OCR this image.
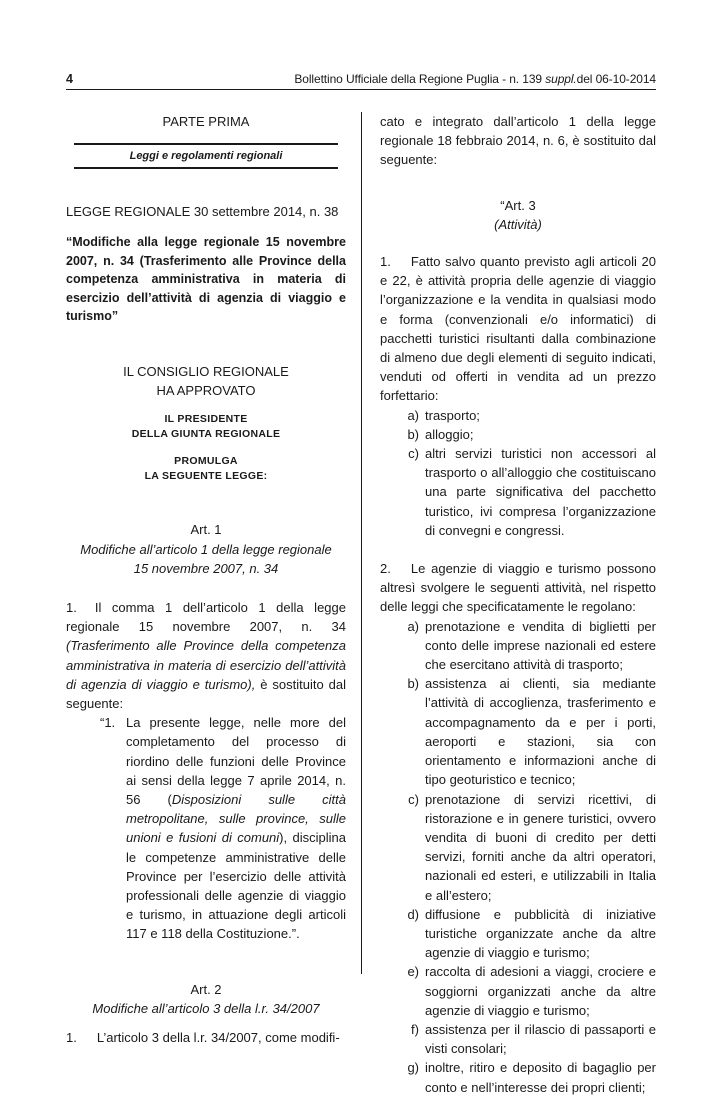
4	Bollettino Ufficiale della Regione Puglia - n. 139 suppl.del 06-10-2014
PARTE PRIMA
Leggi e regolamenti regionali
LEGGE REGIONALE 30 settembre 2014, n. 38
“Modifiche alla legge regionale 15 novembre 2007, n. 34 (Trasferimento alle Province della competenza amministrativa in materia di esercizio dell’attività di agenzia di viaggio e turismo”
IL CONSIGLIO REGIONALE
HA APPROVATO
IL PRESIDENTE
DELLA GIUNTA REGIONALE
PROMULGA
LA SEGUENTE LEGGE:
Art. 1
Modifiche all’articolo 1 della legge regionale
15 novembre 2007, n. 34
1. Il comma 1 dell’articolo 1 della legge regionale 15 novembre 2007, n. 34 (Trasferimento alle Province della competenza amministrativa in materia di esercizio dell’attività di agenzia di viaggio e turismo), è sostituito dal seguente:
“1. La presente legge, nelle more del completamento del processo di riordino delle funzioni delle Province ai sensi della legge 7 aprile 2014, n. 56 (Disposizioni sulle città metropolitane, sulle province, sulle unioni e fusioni di comuni), disciplina le competenze amministrative delle Province per l’esercizio delle attività professionali delle agenzie di viaggio e turismo, in attuazione degli articoli 117 e 118 della Costituzione.”.
Art. 2
Modifiche all’articolo 3 della l.r. 34/2007
1. L’articolo 3 della l.r. 34/2007, come modifi-
cato e integrato dall’articolo 1 della legge regionale 18 febbraio 2014, n. 6, è sostituito dal seguente:
“Art. 3
(Attività)
1. Fatto salvo quanto previsto agli articoli 20 e 22, è attività propria delle agenzie di viaggio l’organizzazione e la vendita in qualsiasi modo e forma (convenzionali e/o informatici) di pacchetti turistici risultanti dalla combinazione di almeno due degli elementi di seguito indicati, venduti od offerti in vendita ad un prezzo forfettario:
a) trasporto;
b) alloggio;
c) altri servizi turistici non accessori al trasporto o all’alloggio che costituiscano una parte significativa del pacchetto turistico, ivi compresa l’organizzazione di convegni e congressi.
2. Le agenzie di viaggio e turismo possono altresì svolgere le seguenti attività, nel rispetto delle leggi che specificatamente le regolano:
a) prenotazione e vendita di biglietti per conto delle imprese nazionali ed estere che esercitano attività di trasporto;
b) assistenza ai clienti, sia mediante l’attività di accoglienza, trasferimento e accompagnamento da e per i porti, aeroporti e stazioni, sia con orientamento e informazioni anche di tipo geoturistico e tecnico;
c) prenotazione di servizi ricettivi, di ristorazione e in genere turistici, ovvero vendita di buoni di credito per detti servizi, forniti anche da altri operatori, nazionali ed esteri, e utilizzabili in Italia e all’estero;
d) diffusione e pubblicità di iniziative turistiche organizzate anche da altre agenzie di viaggio e turismo;
e) raccolta di adesioni a viaggi, crociere e soggiorni organizzati anche da altre agenzie di viaggio e turismo;
f) assistenza per il rilascio di passaporti e visti consolari;
g) inoltre, ritiro e deposito di bagaglio per conto e nell’interesse dei propri clienti;
